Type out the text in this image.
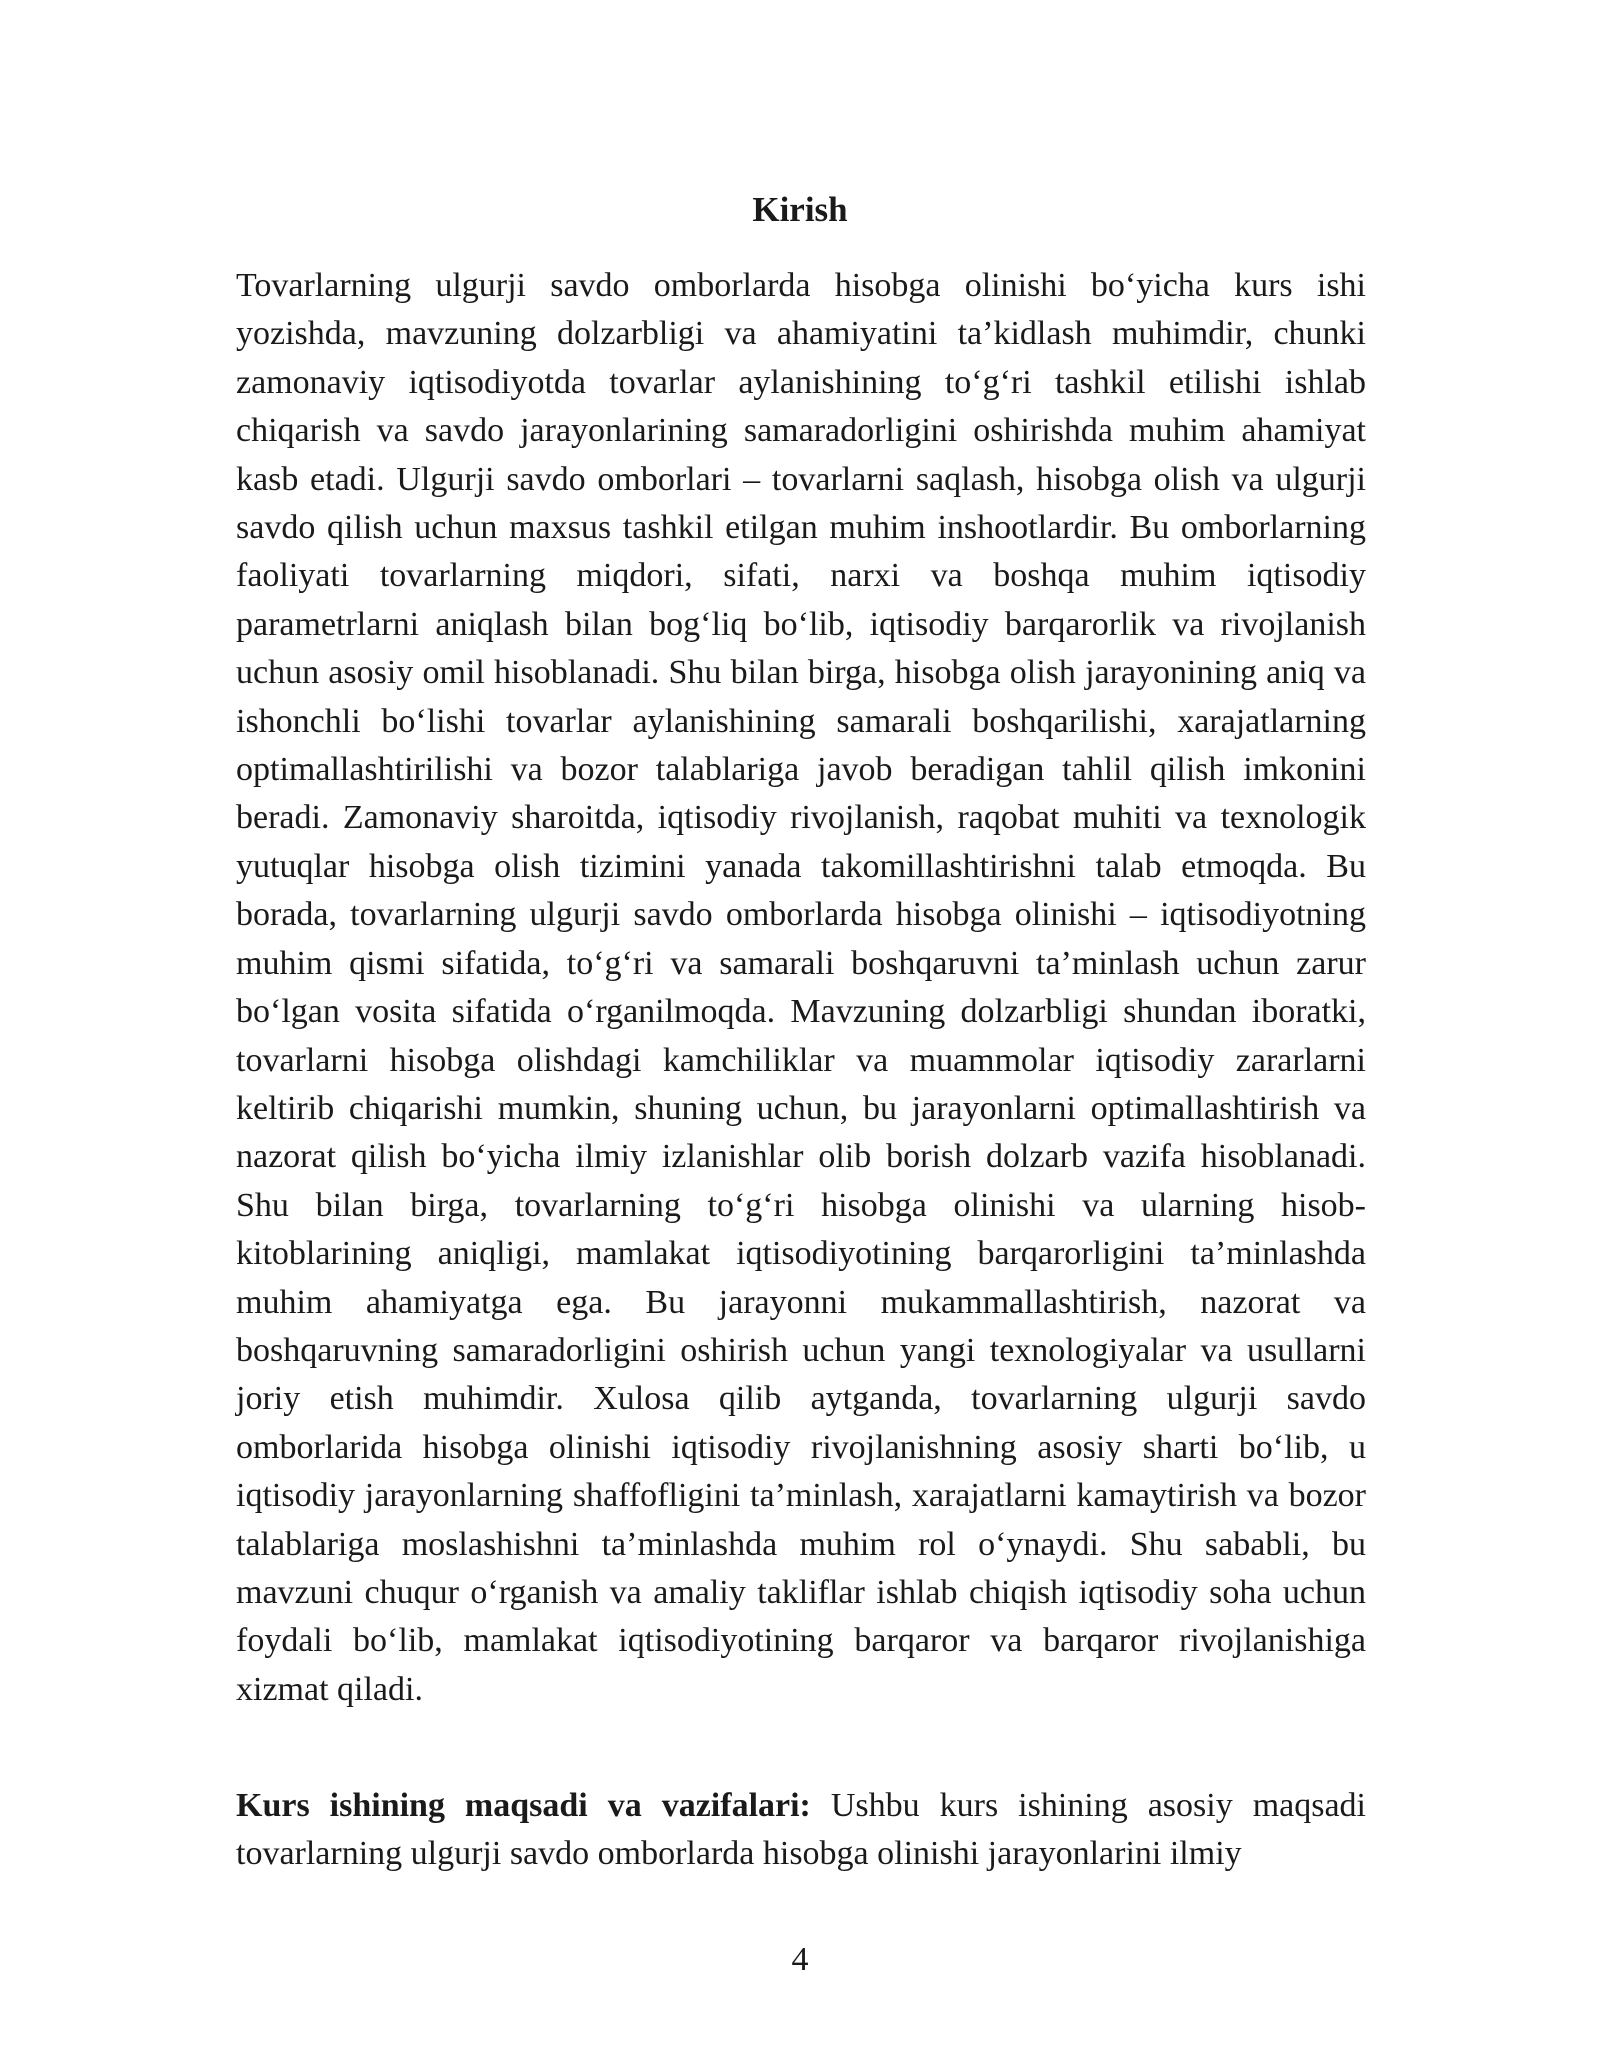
Kirish

Tovarlarning ulgurji savdo omborlarda hisobga olinishi bo‘yicha kurs ishi yozishda, mavzuning dolzarbligi va ahamiyatini ta’kidlash muhimdir, chunki zamonaviy iqtisodiyotda tovarlar aylanishining to‘g‘ri tashkil etilishi ishlab chiqarish va savdo jarayonlarining samaradorligini oshirishda muhim ahamiyat kasb etadi. Ulgurji savdo omborlari – tovarlarni saqlash, hisobga olish va ulgurji savdo qilish uchun maxsus tashkil etilgan muhim inshootlardir. Bu omborlarning faoliyati tovarlarning miqdori, sifati, narxi va boshqa muhim iqtisodiy parametrlarni aniqlash bilan bog‘liq bo‘lib, iqtisodiy barqarorlik va rivojlanish uchun asosiy omil hisoblanadi. Shu bilan birga, hisobga olish jarayonining aniq va ishonchli bo‘lishi tovarlar aylanishining samarali boshqarilishi, xarajatlarning optimallashtirilishi va bozor talablariga javob beradigan tahlil qilish imkonini beradi. Zamonaviy sharoitda, iqtisodiy rivojlanish, raqobat muhiti va texnologik yutuqlar hisobga olish tizimini yanada takomillashtirishni talab etmoqda. Bu borada, tovarlarning ulgurji savdo omborlarda hisobga olinishi – iqtisodiyotning muhim qismi sifatida, to‘g‘ri va samarali boshqaruvni ta’minlash uchun zarur bo‘lgan vosita sifatida o‘rganilmoqda. Mavzuning dolzarbligi shundan iboratki, tovarlarni hisobga olishdagi kamchiliklar va muammolar iqtisodiy zararlarni keltirib chiqarishi mumkin, shuning uchun, bu jarayonlarni optimallashtirish va nazorat qilish bo‘yicha ilmiy izlanishlar olib borish dolzarb vazifa hisoblanadi. Shu bilan birga, tovarlarning to‘g‘ri hisobga olinishi va ularning hisob-kitoblarining aniqligi, mamlakat iqtisodiyotining barqarorligini ta’minlashda muhim ahamiyatga ega. Bu jarayonni mukammallashtirish, nazorat va boshqaruvning samaradorligini oshirish uchun yangi texnologiyalar va usullarni joriy etish muhimdir. Xulosa qilib aytganda, tovarlarning ulgurji savdo omborlarida hisobga olinishi iqtisodiy rivojlanishning asosiy sharti bo‘lib, u iqtisodiy jarayonlarning shaffofligini ta’minlash, xarajatlarni kamaytirish va bozor talablariga moslashishni ta’minlashda muhim rol o‘ynaydi. Shu sababli, bu mavzuni chuqur o‘rganish va amaliy takliflar ishlab chiqish iqtisodiy soha uchun foydali bo‘lib, mamlakat iqtisodiyotining barqaror va barqaror rivojlanishiga xizmat qiladi.

Kurs ishining maqsadi va vazifalari: Ushbu kurs ishining asosiy maqsadi tovarlarning ulgurji savdo omborlarda hisobga olinishi jarayonlarini ilmiy

4
